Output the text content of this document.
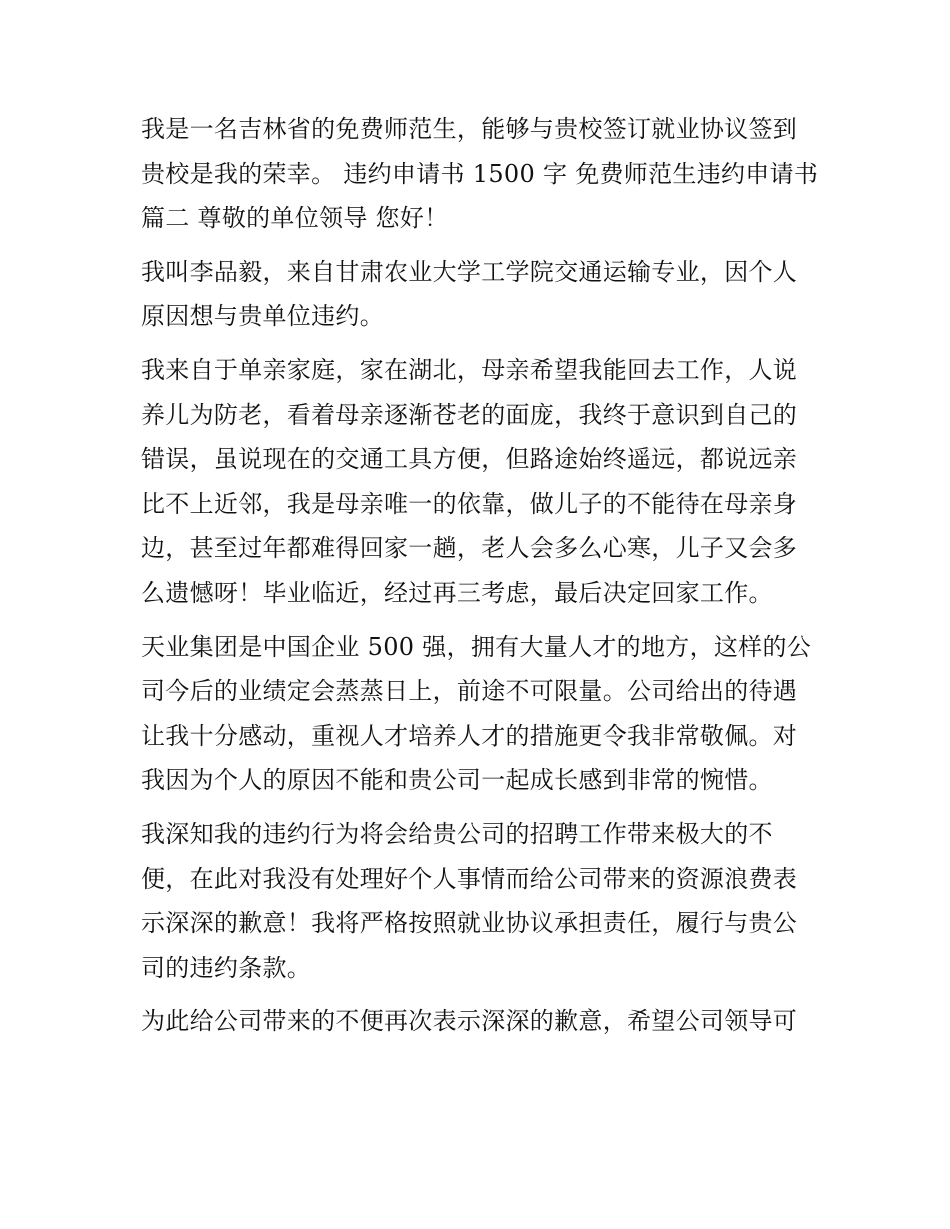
我是一名吉林省的免费师范生，能够与贵校签订就业协议签到
贵校是我的荣幸。 违约申请书 1500 字 免费师范生违约申请书
篇二 尊敬的单位领导 您好！

我叫李品毅，来自甘肃农业大学工学院交通运输专业，因个人
原因想与贵单位违约。

我来自于单亲家庭，家在湖北，母亲希望我能回去工作，人说
养儿为防老，看着母亲逐渐苍老的面庞，我终于意识到自己的
错误，虽说现在的交通工具方便，但路途始终遥远，都说远亲
比不上近邻，我是母亲唯一的依靠，做儿子的不能待在母亲身
边，甚至过年都难得回家一趟，老人会多么心寒，儿子又会多
么遗憾呀！毕业临近，经过再三考虑，最后决定回家工作。

天业集团是中国企业 500 强，拥有大量人才的地方，这样的公
司今后的业绩定会蒸蒸日上，前途不可限量。公司给出的待遇
让我十分感动，重视人才培养人才的措施更令我非常敬佩。对
我因为个人的原因不能和贵公司一起成长感到非常的惋惜。

我深知我的违约行为将会给贵公司的招聘工作带来极大的不
便，在此对我没有处理好个人事情而给公司带来的资源浪费表
示深深的歉意！我将严格按照就业协议承担责任，履行与贵公
司的违约条款。

为此给公司带来的不便再次表示深深的歉意，希望公司领导可
